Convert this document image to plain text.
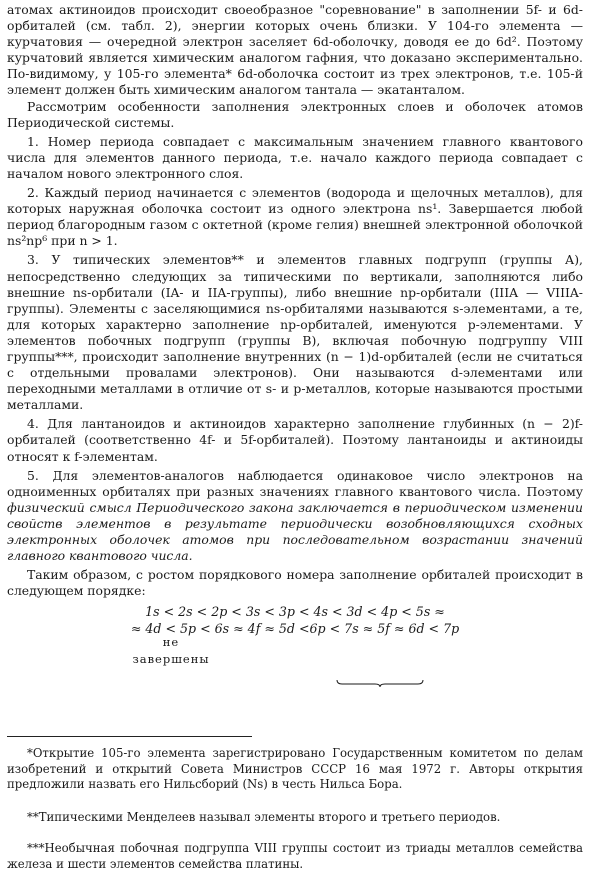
атомах актиноидов происходит своеобразное "соревнование" в заполнении 5f- и 6d-орбиталей (см. табл. 2), энергии которых очень близки. У 104-го элемента — курчатовия — очередной электрон заселяет 6d-оболочку, доводя ее до 6d². Поэтому курчатовий является химическим аналогом гафния, что доказано экспериментально. По-видимому, у 105-го элемента* 6d-оболочка состоит из трех электронов, т.е. 105-й элемент должен быть химическим аналогом тантала — экатанталом.

Рассмотрим особенности заполнения электронных слоев и оболочек атомов Периодической системы.

1. Номер периода совпадает с максимальным значением главного квантового числа для элементов данного периода, т.е. начало каждого периода совпадает с началом нового электронного слоя.

2. Каждый период начинается с элементов (водорода и щелочных металлов), для которых наружная оболочка состоит из одного электрона ns¹. Завершается любой период благородным газом с октетной (кроме гелия) внешней электронной оболочкой ns²np⁶ при n > 1.

3. У типических элементов** и элементов главных подгрупп (группы А), непосредственно следующих за типическими по вертикали, заполняются либо внешние ns-орбитали (IA- и IIA-группы), либо внешние np-орбитали (IIIA — VIIIA-группы). Элементы с заселяющимися ns-орбиталями называются s-элементами, а те, для которых характерно заполнение np-орбиталей, именуются p-элементами. У элементов побочных подгрупп (группы В), включая побочную подгруппу VIII группы***, происходит заполнение внутренних (n − 1)d-орбиталей (если не считаться с отдельными провалами электронов). Они называются d-элементами или переходными металлами в отличие от s- и p-металлов, которые называются простыми металлами.

4. Для лантаноидов и актиноидов характерно заполнение глубинных (n − 2)f-орбиталей (соответственно 4f- и 5f-орбиталей). Поэтому лантаноиды и актиноиды относят к f-элементам.

5. Для элементов-аналогов наблюдается одинаковое число электронов на одноименных орбиталях при разных значениях главного квантового числа. Поэтому физический смысл Периодического закона заключается в периодическом изменении свойств элементов в результате периодически возобновляющихся сходных электронных оболочек атомов при последовательном возрастании значений главного квантового числа.

Таким образом, с ростом порядкового номера заполнение орбиталей происходит в следующем порядке:

1s < 2s < 2p < 3s < 3p < 4s < 3d < 4p < 5s ≈
≈ 4d < 5p < 6s ≈ 4f ≈ 5d <6p < 7s ≈ 5f ≈ 6d < 7p
не завершены

*Открытие 105-го элемента зарегистрировано Государственным комитетом по делам изобретений и открытий Совета Министров СССР 16 мая 1972 г. Авторы открытия предложили назвать его Нильсборий (Ns) в честь Нильса Бора.

**Типическими Менделеев называл элементы второго и третьего периодов.

***Необычная побочная подгруппа VIII группы состоит из триады металлов семейства железа и шести элементов семейства платины.
